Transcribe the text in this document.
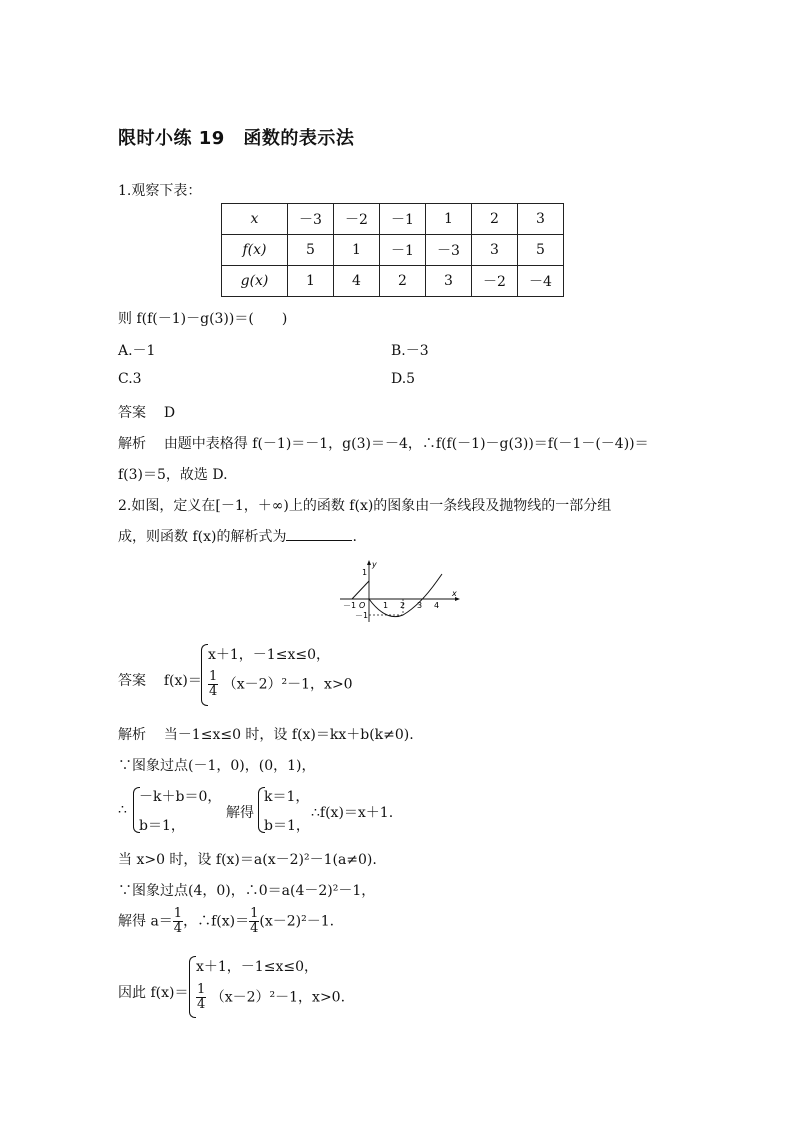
限时小练 19　函数的表示法
1.观察下表：
x	－3	－2	－1	1	2	3
f(x)	5	1	－1	－3	3	5
g(x)	1	4	2	3	－2	－4
则 f(f(－1)－g(3))＝(　　)
A.－1	B.－3
C.3	D.5
答案 D
解析 由题中表格得 f(－1)＝－1，g(3)＝－4，∴f(f(－1)－g(3))＝f(－1－(－4))＝
f(3)＝5，故选 D.
2.如图，定义在[－1，＋∞)上的函数 f(x)的图象由一条线段及抛物线的一部分组
成，则函数 f(x)的解析式为	.
y
x
1
－1 O 1 2 3 4
－1
答案 f(x)＝
x＋1，－1≤x≤0，
$\frac{1}{4} (x-2)^2-1$，x>0
解析 当－1≤x≤0 时，设 f(x)＝kx＋b(k≠0).
∵图象过点(－1，0)，(0，1)，
∴
－k＋b＝0，
b＝1，
解得
k＝1，
b＝1，
∴f(x)＝x＋1.
当 x>0 时，设 f(x)＝a(x－2)²－1(a≠0).
∵图象过点(4，0)，∴0＝a(4－2)²－1，
解得 $a= \frac{1}{4}$ ，∴f(x)＝ $\frac{1}{4} (x-2)^2-1$.
因此 f(x)＝
x＋1，－1≤x≤0，
$\frac{1}{4} (x-2)^2-1$，x>0.
